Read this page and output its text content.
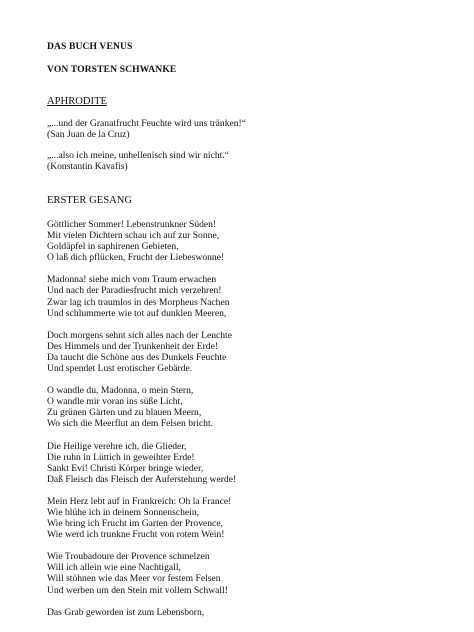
DAS BUCH VENUS

VON TORSTEN SCHWANKE

APHRODITE

„...und der Granatfrucht Feuchte wird uns tränken!“

(San Juan de la Cruz)

„...also ich meine, unhellenisch sind wir nicht.“

(Konstantin Kavafis)

ERSTER GESANG

Göttlicher Sommer! Lebenstrunkner Süden!
Mit vielen Dichtern schau ich auf zur Sonne,
Goldäpfel in saphirenen Gebieten,
O laß dich pflücken, Frucht der Liebeswonne!
Madonna! siehe mich vom Traum erwachen
Und nach der Paradiesfrucht mich verzehren!
Zwar lag ich traumlos in des Morpheus Nachen
Und schlummerte wie tot auf dunklen Meeren,
Doch morgens sehnt sich alles nach der Leuchte
Des Himmels und der Trunkenheit der Erde!
Da taucht die Schöne aus des Dunkels Feuchte
Und spendet Lust erotischer Gebärde.
O wandle du, Madonna, o mein Stern,
O wandle mir voran ins süße Licht,
Zu grünen Gärten und zu blauen Meern,
Wo sich die Meerflut an dem Felsen bricht.
Die Heilige verehre ich, die Glieder,
Die ruhn in Lüttich in geweihter Erde!
Sankt Evi! Christi Körper bringe wieder,
Daß Fleisch das Fleisch der Auferstehung werde!
Mein Herz lebt auf in Frankreich: Oh la France!
Wie blühe ich in deinem Sonnenschein,
Wie bring ich Frucht im Garten der Provence,
Wie werd ich trunkne Frucht von rotem Wein!
Wie Troubadoure der Provence schmelzen
Will ich allein wie eine Nachtigall,
Will stöhnen wie das Meer vor festem Felsen
Und werben um den Stein mit vollem Schwall!
Das Grab geworden ist zum Lebensborn,
